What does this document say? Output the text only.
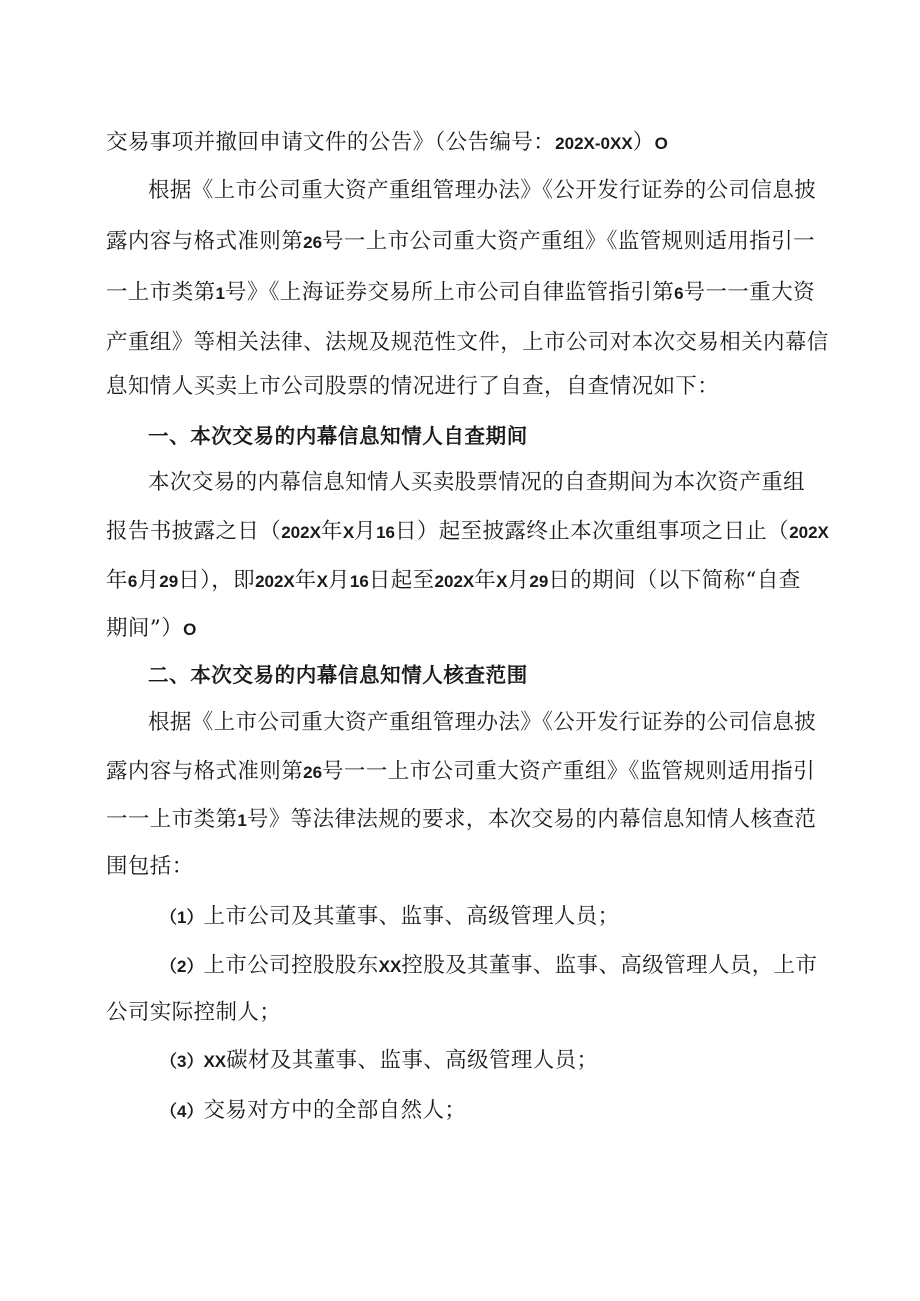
交易事项并撤回申请文件的公告》（公告编号：202X-0XX）O
根据《上市公司重大资产重组管理办法》《公开发行证券的公司信息披
露内容与格式准则第26号一上市公司重大资产重组》《监管规则适用指引一
一上市类第1号》《上海证券交易所上市公司自律监管指引第6号一一重大资
产重组》等相关法律、法规及规范性文件，上市公司对本次交易相关内幕信
息知情人买卖上市公司股票的情况进行了自查，自查情况如下：
一、本次交易的内幕信息知情人自查期间
本次交易的内幕信息知情人买卖股票情况的自查期间为本次资产重组
报告书披露之日（202X年X月16日）起至披露终止本次重组事项之日止（202X
年6月29日），即202X年X月16日起至202X年X月29日的期间（以下简称“自查
期间”）O
二、本次交易的内幕信息知情人核查范围
根据《上市公司重大资产重组管理办法》《公开发行证券的公司信息披
露内容与格式准则第26号一一上市公司重大资产重组》《监管规则适用指引
一一上市类第1号》等法律法规的要求，本次交易的内幕信息知情人核查范
围包括：
（1）上市公司及其董事、监事、高级管理人员；
（2）上市公司控股股东XX控股及其董事、监事、高级管理人员，上市
公司实际控制人；
（3）XX碳材及其董事、监事、高级管理人员；
（4）交易对方中的全部自然人；
